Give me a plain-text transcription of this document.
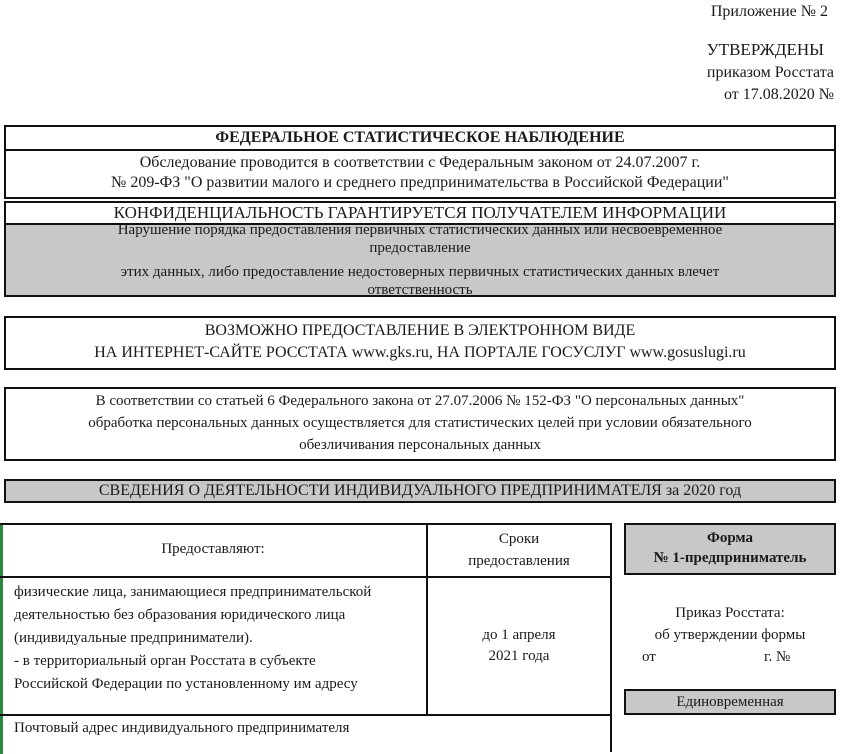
Приложение № 2
УТВЕРЖДЕНЫ
приказом Росстата
от 17.08.2020 №
ФЕДЕРАЛЬНОЕ СТАТИСТИЧЕСКОЕ НАБЛЮДЕНИЕ
Обследование проводится в соответствии с Федеральным законом от 24.07.2007 г.
№ 209-ФЗ "О развитии малого и среднего предпринимательства в Российской Федерации"
КОНФИДЕНЦИАЛЬНОСТЬ ГАРАНТИРУЕТСЯ ПОЛУЧАТЕЛЕМ ИНФОРМАЦИИ
Нарушение порядка предоставления первичных статистических данных или несвоевременное
предоставление
этих данных, либо предоставление недостоверных первичных статистических данных влечет
ответственность
ВОЗМОЖНО ПРЕДОСТАВЛЕНИЕ В ЭЛЕКТРОННОМ ВИДЕ
НА ИНТЕРНЕТ-САЙТЕ РОССТАТА www.gks.ru, НА ПОРТАЛЕ ГОСУСЛУГ www.gosuslugi.ru
В соответствии со статьей 6 Федерального закона от 27.07.2006 № 152-ФЗ "О персональных данных"
обработка персональных данных осуществляется для статистических целей при условии обязательного
обезличивания персональных данных
СВЕДЕНИЯ О ДЕЯТЕЛЬНОСТИ ИНДИВИДУАЛЬНОГО ПРЕДПРИНИМАТЕЛЯ за 2020 год
Предоставляют:
Сроки
предоставления
физические лица, занимающиеся предпринимательской
деятельностью без образования юридического лица
(индивидуальные предприниматели).
- в территориальный орган Росстата в субъекте
Российской Федерации по установленному им адресу
до 1 апреля
2021 года
Почтовый адрес индивидуального предпринимателя
Форма
№ 1-предприниматель
Приказ Росстата:
об утверждении формы
от	г. №
Единовременная
